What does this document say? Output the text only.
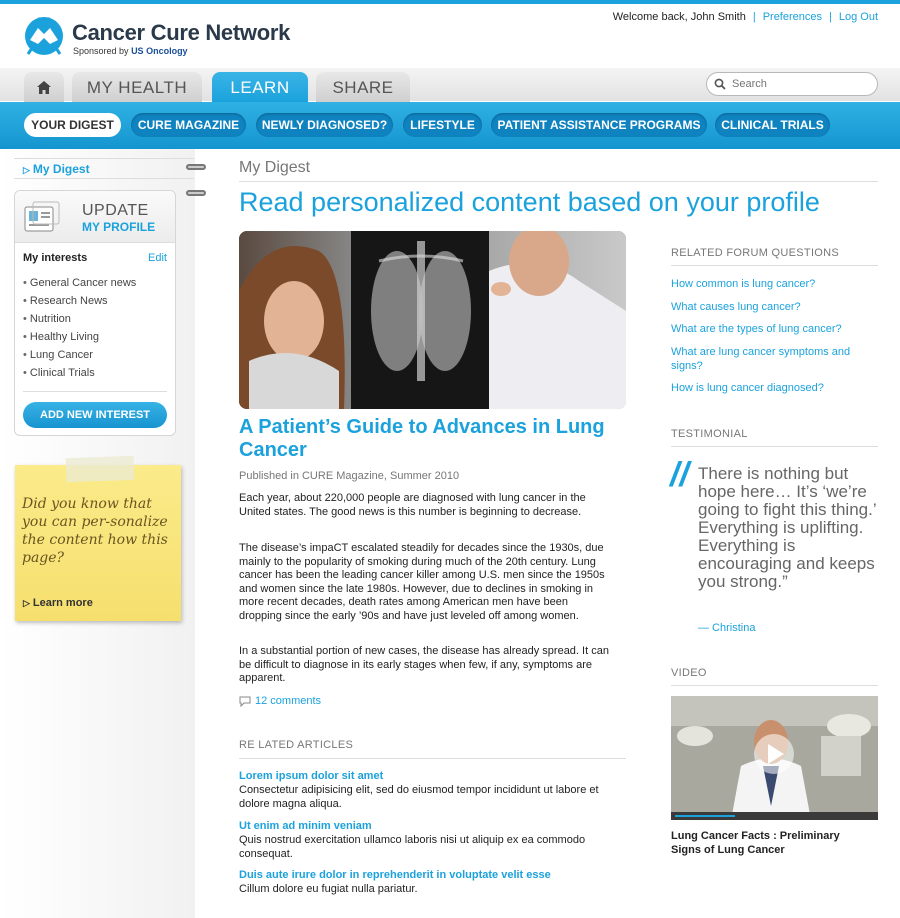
Cancer Cure Network
Sponsored by US Oncology
Welcome back, John Smith | Preferences | Log Out
MY HEALTH	LEARN	SHARE
Search
YOUR DIGEST	CURE MAGAZINE	NEWLY DIAGNOSED?	LIFESTYLE	PATIENT ASSISTANCE PROGRAMS	CLINICAL TRIALS
▷ My Digest
UPDATE
MY PROFILE
My interests	Edit
• General Cancer news
• Research News
• Nutrition
• Healthy Living
• Lung Cancer
• Clinical Trials
ADD NEW INTEREST
Did you know that you can per-sonalize the content how this page?
▷ Learn more
My Digest
Read personalized content based on your profile
A Patient’s Guide to Advances in Lung Cancer
Published in CURE Magazine, Summer 2010

Each year, about 220,000 people are diagnosed with lung cancer in the United states. The good news is this number is beginning to decrease.

The disease’s impaCT escalated steadily for decades since the 1930s, due mainly to the popularity of smoking during much of the 20th century. Lung cancer has been the leading cancer killer among U.S. men since the 1950s and women since the late 1980s. However, due to declines in smoking in more recent decades, death rates among American men have been dropping since the early ’90s and have just leveled off among women.

In a substantial portion of new cases, the disease has already spread. It can be difficult to diagnose in its early stages when few, if any, symptoms are apparent.

12 comments
RE LATED ARTICLES
Lorem ipsum dolor sit amet
Consectetur adipisicing elit, sed do eiusmod tempor incididunt ut labore et dolore magna aliqua.
Ut enim ad minim veniam
Quis nostrud exercitation ullamco laboris nisi ut aliquip ex ea commodo consequat.
Duis aute irure dolor in reprehenderit in voluptate velit esse
Cillum dolore eu fugiat nulla pariatur.
RELATED FORUM QUESTIONS
How common is lung cancer?
What causes lung cancer?
What are the types of lung cancer?
What are lung cancer symptoms and signs?
How is lung cancer diagnosed?
TESTIMONIAL
// There is nothing but hope here… It’s ‘we’re going to fight this thing.’ Everything is uplifting. Everything is encouraging and keeps you strong.”
— Christina
VIDEO
Lung Cancer Facts : Preliminary Signs of Lung Cancer
